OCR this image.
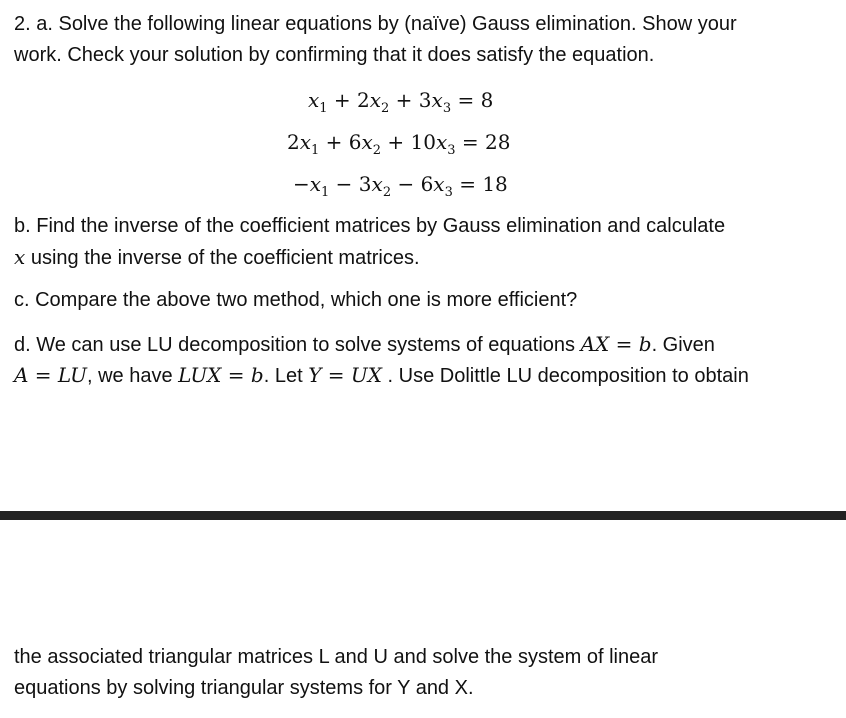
2. a. Solve the following linear equations by (naïve) Gauss elimination. Show your
work. Check your solution by confirming that it does satisfy the equation.
$x_1 + 2x_2 + 3x_3 = 8$
$2x_1 + 6x_2 + 10x_3 = 28$
$-x_1 - 3x_2 - 6x_3 = 18$
b. Find the inverse of the coefficient matrices by Gauss elimination and calculate
x using the inverse of the coefficient matrices.
c. Compare the above two method, which one is more efficient?
d. We can use LU decomposition to solve systems of equations AX = b. Given
A = LU, we have LUX = b. Let Y = UX . Use Dolittle LU decomposition to obtain
the associated triangular matrices L and U and solve the system of linear
equations by solving triangular systems for Y and X.
